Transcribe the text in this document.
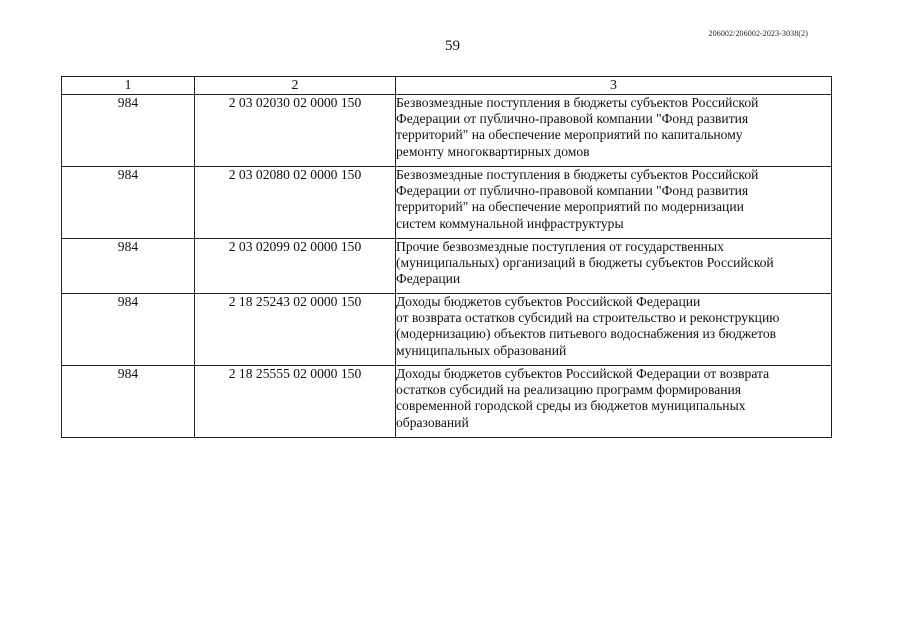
206002/206002-2023-3038(2)
59
1	2	3
984	2 03 02030 02 0000 150	Безвозмездные поступления в бюджеты субъектов Российской
Федерации от публично-правовой компании "Фонд развития
территорий" на обеспечение мероприятий по капитальному
ремонту многоквартирных домов

984	2 03 02080 02 0000 150	Безвозмездные поступления в бюджеты субъектов Российской
Федерации от публично-правовой компании "Фонд развития
территорий" на обеспечение мероприятий по модернизации
систем коммунальной инфраструктуры

984	2 03 02099 02 0000 150	Прочие безвозмездные поступления от государственных
(муниципальных) организаций в бюджеты субъектов Российской
Федерации

984	2 18 25243 02 0000 150	Доходы бюджетов субъектов Российской Федерации
от возврата остатков субсидий на строительство и реконструкцию
(модернизацию) объектов питьевого водоснабжения из бюджетов
муниципальных образований

984	2 18 25555 02 0000 150	Доходы бюджетов субъектов Российской Федерации от возврата
остатков субсидий на реализацию программ формирования
современной городской среды из бюджетов муниципальных
образований
